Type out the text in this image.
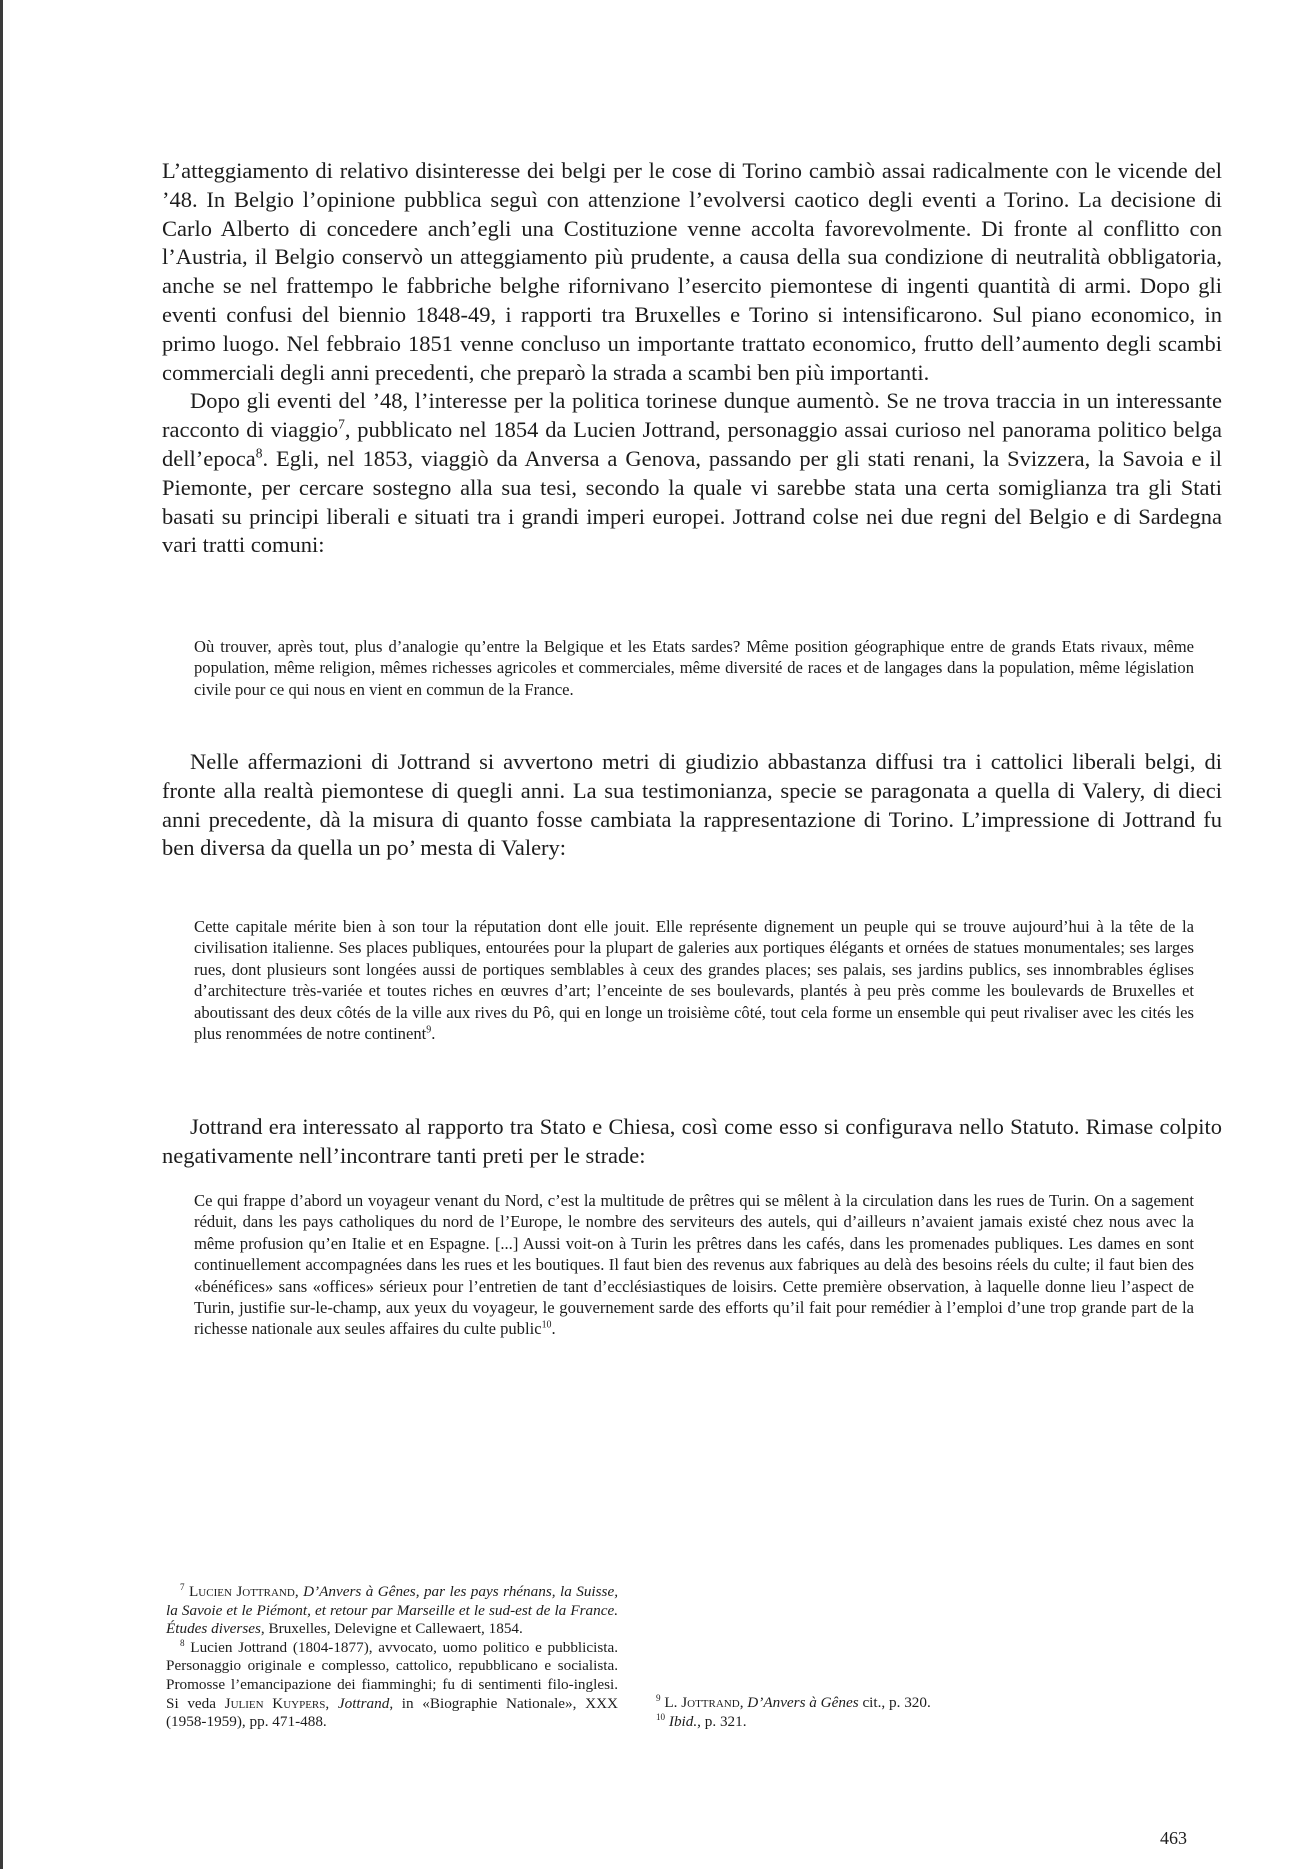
L’atteggiamento di relativo disinteresse dei belgi per le cose di Torino cambiò assai radicalmente con le vicende del ’48. In Belgio l’opinione pubblica seguì con attenzione l’evolversi caotico degli eventi a Torino. La decisione di Carlo Alberto di concedere anch’egli una Costituzione venne accolta favorevolmente. Di fronte al conflitto con l’Austria, il Belgio conservò un atteggiamento più prudente, a causa della sua condizione di neutralità obbligatoria, anche se nel frattempo le fabbriche belghe rifornivano l’esercito piemontese di ingenti quantità di armi. Dopo gli eventi confusi del biennio 1848-49, i rapporti tra Bruxelles e Torino si intensificarono. Sul piano economico, in primo luogo. Nel febbraio 1851 venne concluso un importante trattato economico, frutto dell’aumento degli scambi commerciali degli anni precedenti, che preparò la strada a scambi ben più importanti.

Dopo gli eventi del ’48, l’interesse per la politica torinese dunque aumentò. Se ne trova traccia in un interessante racconto di viaggio$^7$, pubblicato nel 1854 da Lucien Jottrand, personaggio assai curioso nel panorama politico belga dell’epoca$^8$. Egli, nel 1853, viaggiò da Anversa a Genova, passando per gli stati renani, la Svizzera, la Savoia e il Piemonte, per cercare sostegno alla sua tesi, secondo la quale vi sarebbe stata una certa somiglianza tra gli Stati basati su principi liberali e situati tra i grandi imperi europei. Jottrand colse nei due regni del Belgio e di Sardegna vari tratti comuni:

Où trouver, après tout, plus d’analogie qu’entre la Belgique et les Etats sardes? Même position géographique entre de grands Etats rivaux, même population, même religion, mêmes richesses agricoles et commerciales, même diversité de races et de langages dans la population, même législation civile pour ce qui nous en vient en commun de la France.

Nelle affermazioni di Jottrand si avvertono metri di giudizio abbastanza diffusi tra i cattolici liberali belgi, di fronte alla realtà piemontese di quegli anni. La sua testimonianza, specie se paragonata a quella di Valery, di dieci anni precedente, dà la misura di quanto fosse cambiata la rappresentazione di Torino. L’impressione di Jottrand fu ben diversa da quella un po’ mesta di Valery:

Cette capitale mérite bien à son tour la réputation dont elle jouit. Elle représente dignement un peuple qui se trouve aujourd’hui à la tête de la civilisation italienne. Ses places publiques, entourées pour la plupart de galeries aux portiques élégants et ornées de statues monumentales; ses larges rues, dont plusieurs sont longées aussi de portiques semblables à ceux des grandes places; ses palais, ses jardins publics, ses innombrables églises d’architecture très-variée et toutes riches en œuvres d’art; l’enceinte de ses boulevards, plantés à peu près comme les boulevards de Bruxelles et aboutissant des deux côtés de la ville aux rives du Pô, qui en longe un troisième côté, tout cela forme un ensemble qui peut rivaliser avec les cités les plus renommées de notre continent$^9$.

Jottrand era interessato al rapporto tra Stato e Chiesa, così come esso si configurava nello Statuto. Rimase colpito negativamente nell’incontrare tanti preti per le strade:

Ce qui frappe d’abord un voyageur venant du Nord, c’est la multitude de prêtres qui se mêlent à la circulation dans les rues de Turin. On a sagement réduit, dans les pays catholiques du nord de l’Europe, le nombre des serviteurs des autels, qui d’ailleurs n’avaient jamais existé chez nous avec la même profusion qu’en Italie et en Espagne. [...] Aussi voit-on à Turin les prêtres dans les cafés, dans les promenades publiques. Les dames en sont continuellement accompagnées dans les rues et les boutiques. Il faut bien des revenus aux fabriques au delà des besoins réels du culte; il faut bien des «bénéfices» sans «offices» sérieux pour l’entretien de tant d’ecclésiastiques de loisirs. Cette première observation, à laquelle donne lieu l’aspect de Turin, justifie sur-le-champ, aux yeux du voyageur, le gouvernement sarde des efforts qu’il fait pour remédier à l’emploi d’une trop grande part de la richesse nationale aux seules affaires du culte public$^{10}$.

$^7$ Lucien Jottrand, D’Anvers à Gênes, par les pays rhénans, la Suisse, la Savoie et le Piémont, et retour par Marseille et le sud-est de la France. Études diverses, Bruxelles, Delevigne et Callewaert, 1854.

$^8$ Lucien Jottrand (1804-1877), avvocato, uomo politico e pubblicista. Personaggio originale e complesso, cattolico, repubblicano e socialista. Promosse l’emancipazione dei fiamminghi; fu di sentimenti filo-inglesi. Si veda Julien Kuypers, Jottrand, in «Biographie Nationale», XXX (1958-1959), pp. 471-488.

$^9$ L. Jottrand, D’Anvers à Gênes cit., p. 320.

$^{10}$ Ibid., p. 321.

463
